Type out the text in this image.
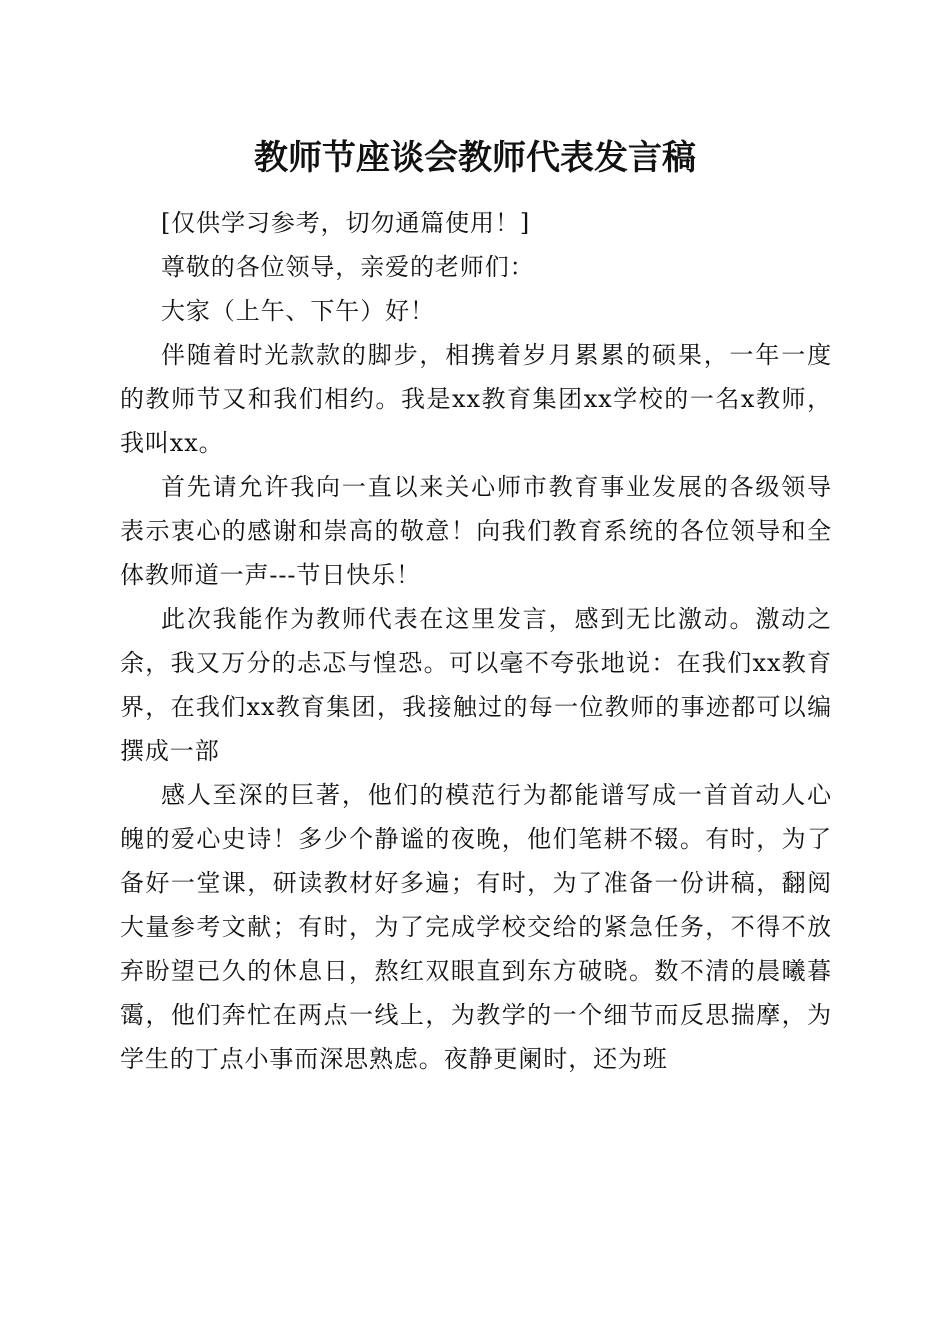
教师节座谈会教师代表发言稿

[仅供学习参考，切勿通篇使用！]

尊敬的各位领导，亲爱的老师们：

大家（上午、下午）好！

伴随着时光款款的脚步，相携着岁月累累的硕果，一年一度的教师节又和我们相约。我是xx教育集团xx学校的一名x教师，我叫xx。

首先请允许我向一直以来关心师市教育事业发展的各级领导表示衷心的感谢和崇高的敬意！向我们教育系统的各位领导和全体教师道一声---节日快乐！

此次我能作为教师代表在这里发言，感到无比激动。激动之余，我又万分的忐忑与惶恐。可以毫不夸张地说：在我们xx教育界，在我们xx教育集团，我接触过的每一位教师的事迹都可以编撰成一部

感人至深的巨著，他们的模范行为都能谱写成一首首动人心魄的爱心史诗！多少个静谧的夜晚，他们笔耕不辍。有时，为了备好一堂课，研读教材好多遍；有时，为了准备一份讲稿，翻阅大量参考文献；有时，为了完成学校交给的紧急任务，不得不放弃盼望已久的休息日，熬红双眼直到东方破晓。数不清的晨曦暮霭，他们奔忙在两点一线上，为教学的一个细节而反思揣摩，为学生的丁点小事而深思熟虑。夜静更阑时，还为班
